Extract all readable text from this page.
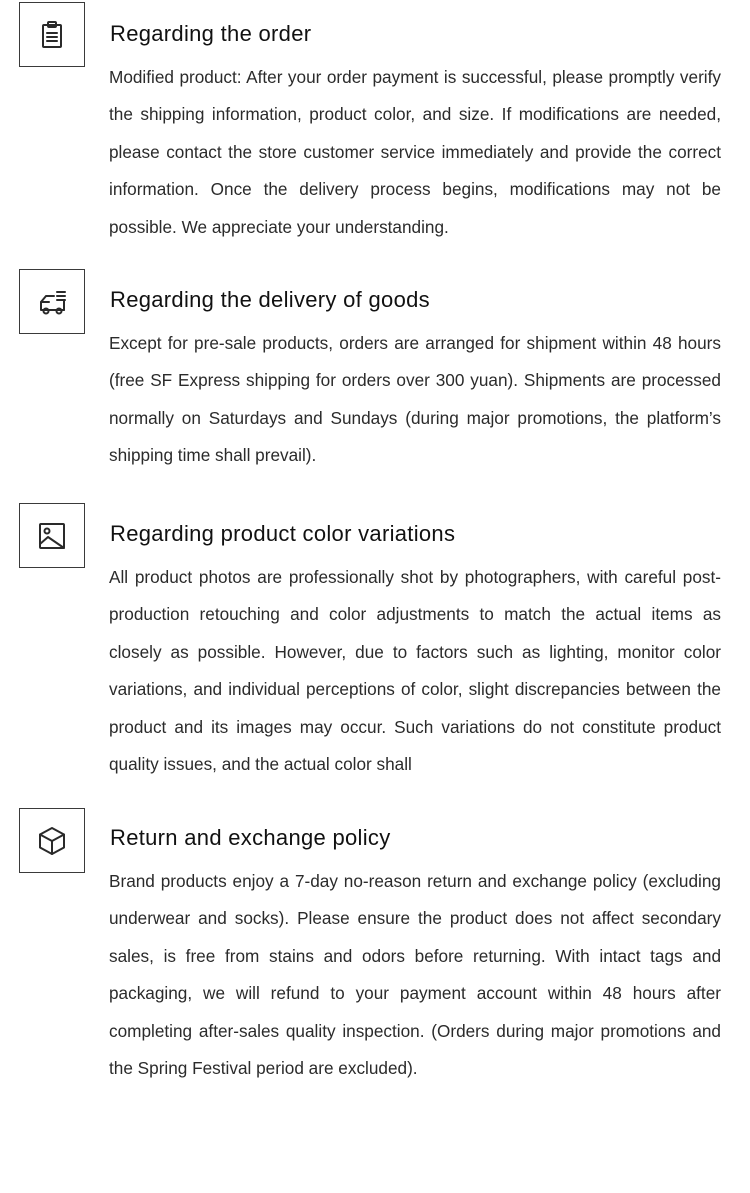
Regarding the order

Modified product: After your order payment is successful, please promptly verify the shipping information, product color, and size. If modifications are needed, please contact the store customer service immediately and provide the correct information. Once the delivery process begins, modifications may not be possible. We appreciate your understanding.

Regarding the delivery of goods

Except for pre-sale products, orders are arranged for shipment within 48 hours (free SF Express shipping for orders over 300 yuan). Shipments are processed normally on Saturdays and Sundays (during major promotions, the platform’s shipping time shall prevail).

Regarding product color variations

All product photos are professionally shot by photographers, with careful post-production retouching and color adjustments to match the actual items as closely as possible. However, due to factors such as lighting, monitor color variations, and individual perceptions of color, slight discrepancies between the product and its images may occur. Such variations do not constitute product quality issues, and the actual color shall

Return and exchange policy

Brand products enjoy a 7-day no-reason return and exchange policy (excluding underwear and socks). Please ensure the product does not affect secondary sales, is free from stains and odors before returning. With intact tags and packaging, we will refund to your payment account within 48 hours after completing after-sales quality inspection. (Orders during major promotions and the Spring Festival period are excluded).
